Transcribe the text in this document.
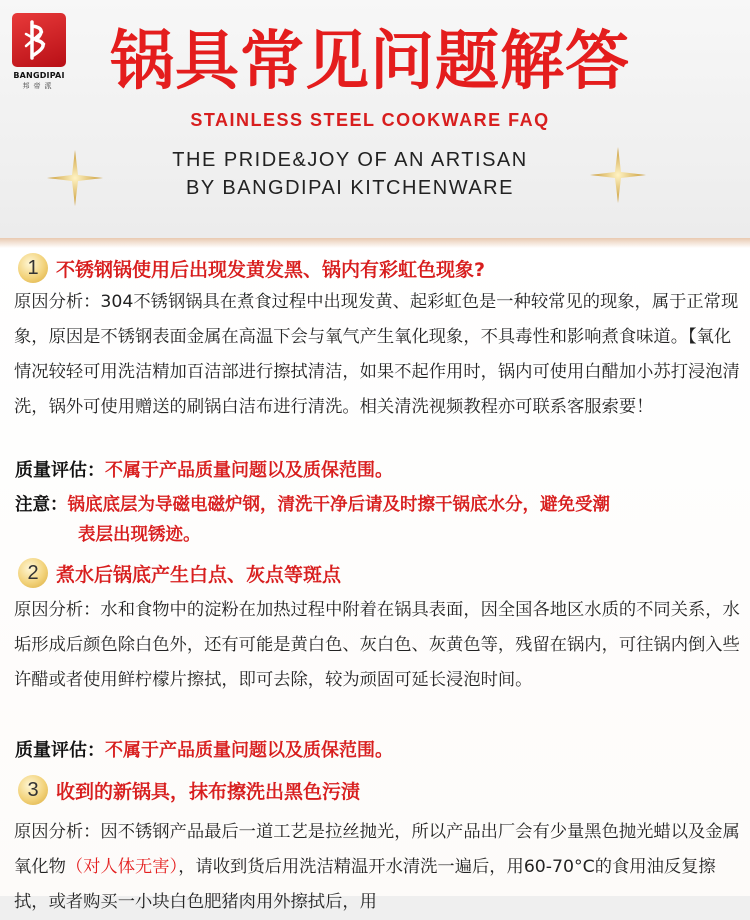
BANGDIPAI
邦帝派 锅具常见问题解答
STAINLESS STEEL COOKWARE FAQ
THE PRIDE&JOY OF AN ARTISAN
BY BANGDIPAI KITCHENWARE
1 不锈钢锅使用后出现发黄发黑、锅内有彩虹色现象?

原因分析：304不锈钢锅具在煮食过程中出现发黄、起彩虹色是一种较常见的现象，属于正常现象，原因是不锈钢表面金属在高温下会与氧气产生氧化现象，不具毒性和影响煮食味道。【氧化情况较轻可用洗洁精加百洁部进行擦拭清洁，如果不起作用时，锅内可使用白醋加小苏打浸泡清洗，锅外可使用赠送的刷锅白洁布进行清洗。相关清洗视频教程亦可联系客服索要！

质量评估：不属于产品质量问题以及质保范围。
注意：锅底底层为导磁电磁炉钢，清洗干净后请及时擦干锅底水分，避免受潮
表层出现锈迹。
2 煮水后锅底产生白点、灰点等斑点

原因分析：水和食物中的淀粉在加热过程中附着在锅具表面，因全国各地区水质的不同关系，水垢形成后颜色除白色外，还有可能是黄白色、灰白色、灰黄色等，残留在锅内，可往锅内倒入些许醋或者使用鲜柠檬片擦拭，即可去除，较为顽固可延长浸泡时间。

质量评估：不属于产品质量问题以及质保范围。
3 收到的新锅具，抹布擦洗出黑色污渍

原因分析：因不锈钢产品最后一道工艺是拉丝抛光，所以产品出厂会有少量黑色抛光蜡以及金属氧化物（对人体无害），请收到货后用洗洁精温开水清洗一遍后，用60-70°C的食用油反复擦拭，或者购买一小块白色肥猪肉用外擦拭后，用
